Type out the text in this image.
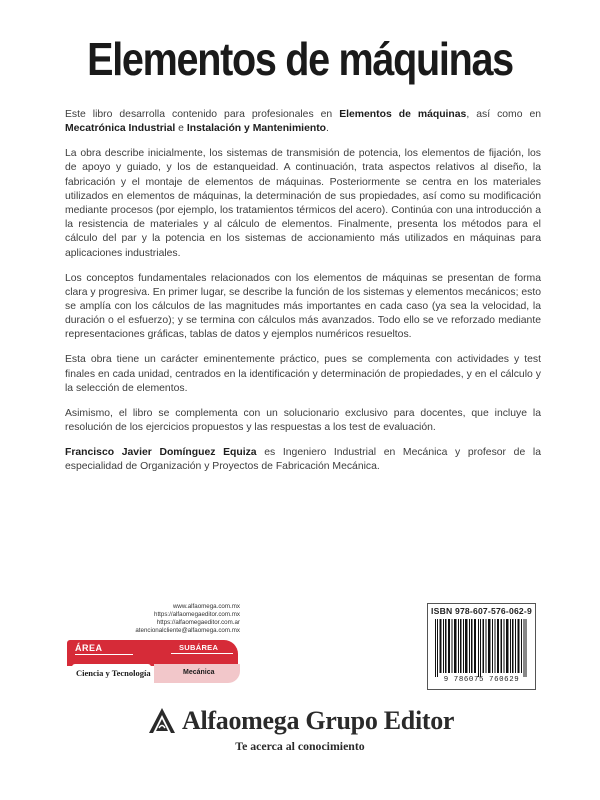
Elementos de máquinas

Este libro desarrolla contenido para profesionales en Elementos de máquinas, así como en Mecatrónica Industrial e Instalación y Mantenimiento.

La obra describe inicialmente, los sistemas de transmisión de potencia, los elementos de fijación, los de apoyo y guiado, y los de estanqueidad. A continuación, trata aspectos relativos al diseño, la fabricación y el montaje de elementos de máquinas. Posteriormente se centra en los materiales utilizados en elementos de máquinas, la determinación de sus propiedades, así como su modificación mediante procesos (por ejemplo, los tratamientos térmicos del acero). Continúa con una introducción a la resistencia de materiales y al cálculo de elementos. Finalmente, presenta los métodos para el cálculo del par y la potencia en los sistemas de accionamiento más utilizados en máquinas para aplicaciones industriales.

Los conceptos fundamentales relacionados con los elementos de máquinas se presentan de forma clara y progresiva. En primer lugar, se describe la función de los sistemas y elementos mecánicos; esto se amplía con los cálculos de las magnitudes más importantes en cada caso (ya sea la velocidad, la duración o el esfuerzo); y se termina con cálculos más avanzados. Todo ello se ve reforzado mediante representaciones gráficas, tablas de datos y ejemplos numéricos resueltos.

Esta obra tiene un carácter eminentemente práctico, pues se complementa con actividades y test finales en cada unidad, centrados en la identificación y determinación de propiedades, y en el cálculo y la selección de elementos.

Asimismo, el libro se complementa con un solucionario exclusivo para docentes, que incluye la resolución de los ejercicios propuestos y las respuestas a los test de evaluación.

Francisco Javier Domínguez Equiza es Ingeniero Industrial en Mecánica y profesor de la especialidad de Organización y Proyectos de Fabricación Mecánica.

www.alfaomega.com.mx
https://alfaomegaeditor.com.mx
https://alfaomegaeditor.com.ar
atencionalcliente@alfaomega.com.mx
ÁREA	SUBÁREA
Ciencia y Tecnología	Mecánica
ISBN 978-607-576-062-9
9 786075 760629
Alfaomega Grupo Editor
Te acerca al conocimiento
